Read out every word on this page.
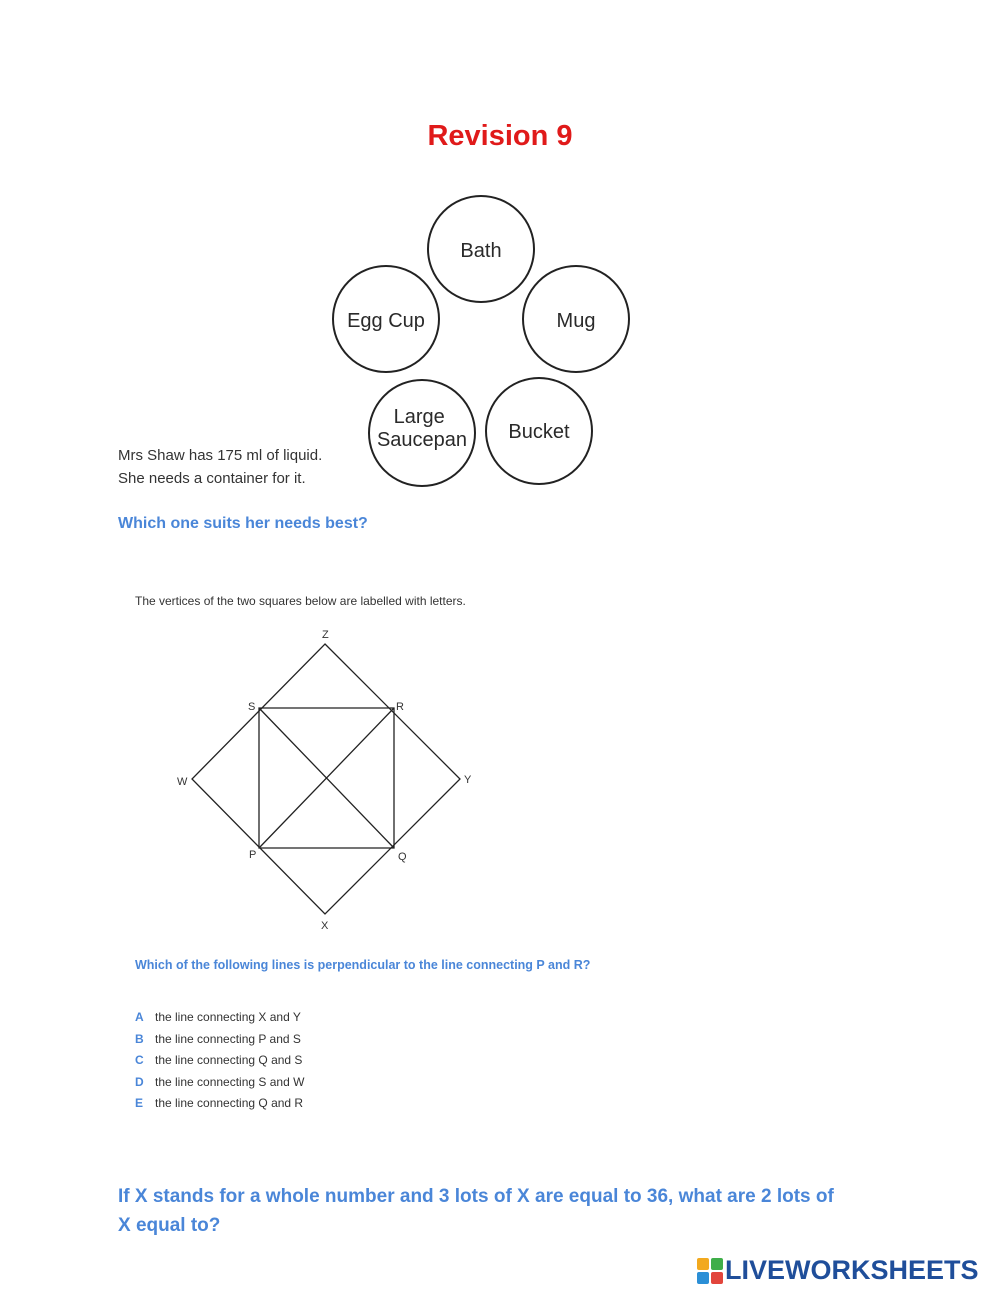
Revision 9
Bath
Mug
Bucket
Large Saucepan
Egg Cup
Mrs Shaw has 175 ml of liquid.
She needs a container for it.
Which one suits her needs best?
The vertices of the two squares below are labelled with letters.
Z
S	R
W	Y
P	Q
X
Which of the following lines is perpendicular to the line connecting P and R?
A the line connecting X and Y
B the line connecting P and S
C the line connecting Q and S
D the line connecting S and W
E the line connecting Q and R
If X stands for a whole number and 3 lots of X are equal to 36, what are 2 lots of X equal to?
LIVEWORKSHEETS
